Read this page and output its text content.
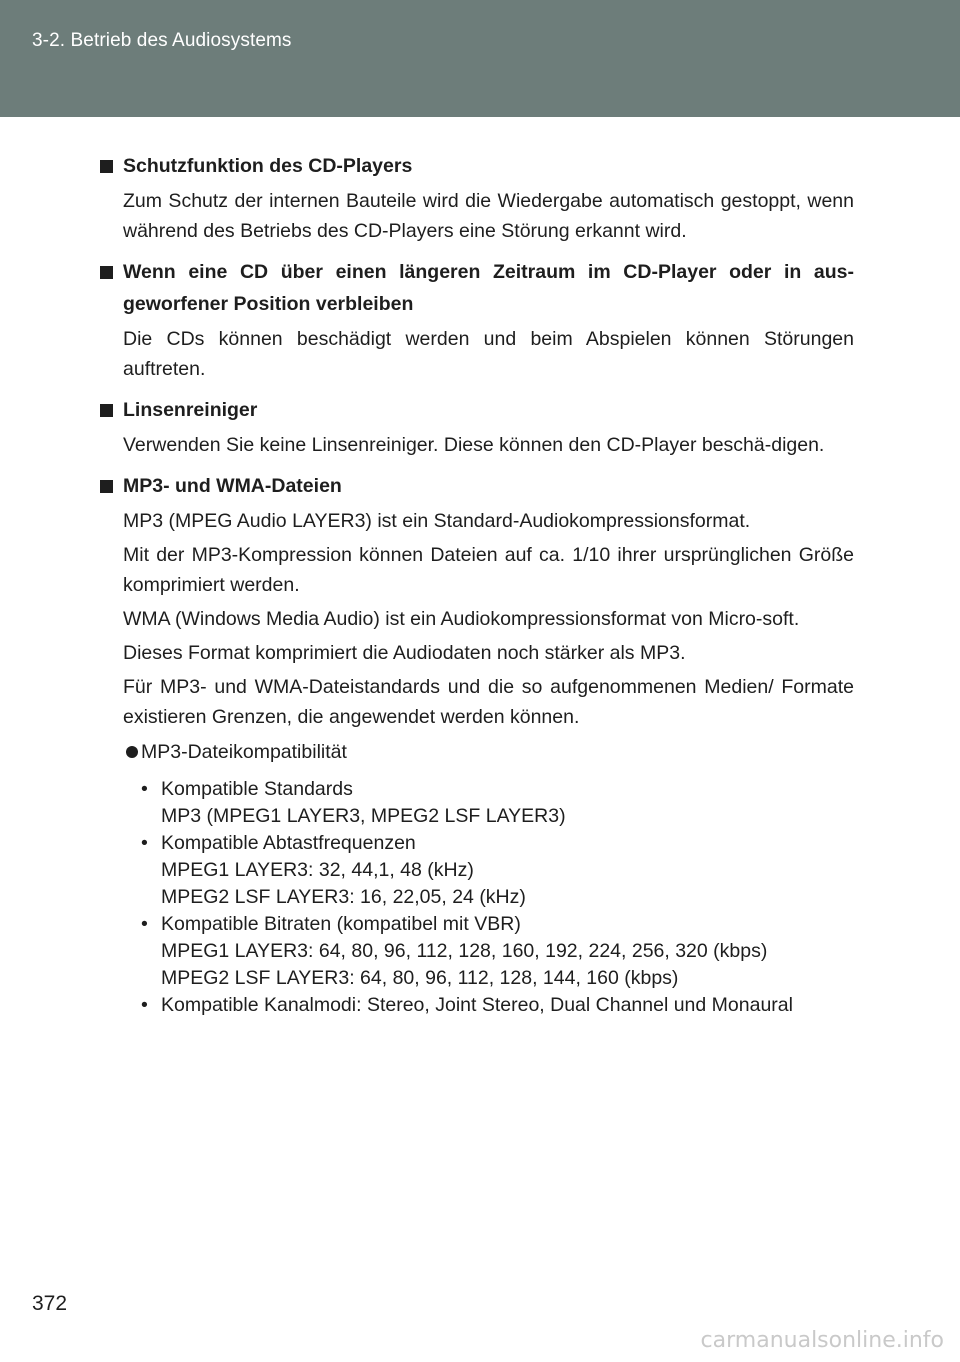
3-2. Betrieb des Audiosystems
Schutzfunktion des CD-Players
Zum Schutz der internen Bauteile wird die Wiedergabe automatisch gestoppt, wenn während des Betriebs des CD-Players eine Störung erkannt wird.
Wenn eine CD über einen längeren Zeitraum im CD-Player oder in aus-geworfener Position verbleiben
Die CDs können beschädigt werden und beim Abspielen können Störungen auftreten.
Linsenreiniger
Verwenden Sie keine Linsenreiniger. Diese können den CD-Player beschä-digen.
MP3- und WMA-Dateien
MP3 (MPEG Audio LAYER3) ist ein Standard-Audiokompressionsformat.
Mit der MP3-Kompression können Dateien auf ca. 1/10 ihrer ursprünglichen Größe komprimiert werden.
WMA (Windows Media Audio) ist ein Audiokompressionsformat von Micro-soft.
Dieses Format komprimiert die Audiodaten noch stärker als MP3.
Für MP3- und WMA-Dateistandards und die so aufgenommenen Medien/ Formate existieren Grenzen, die angewendet werden können.
MP3-Dateikompatibilität
• Kompatible Standards
MP3 (MPEG1 LAYER3, MPEG2 LSF LAYER3)
• Kompatible Abtastfrequenzen
MPEG1 LAYER3: 32, 44,1, 48 (kHz)
MPEG2 LSF LAYER3: 16, 22,05, 24 (kHz)
• Kompatible Bitraten (kompatibel mit VBR)
MPEG1 LAYER3: 64, 80, 96, 112, 128, 160, 192, 224, 256, 320 (kbps)
MPEG2 LSF LAYER3: 64, 80, 96, 112, 128, 144, 160 (kbps)
• Kompatible Kanalmodi: Stereo, Joint Stereo, Dual Channel und Monaural
372
carmanualsonline.info
